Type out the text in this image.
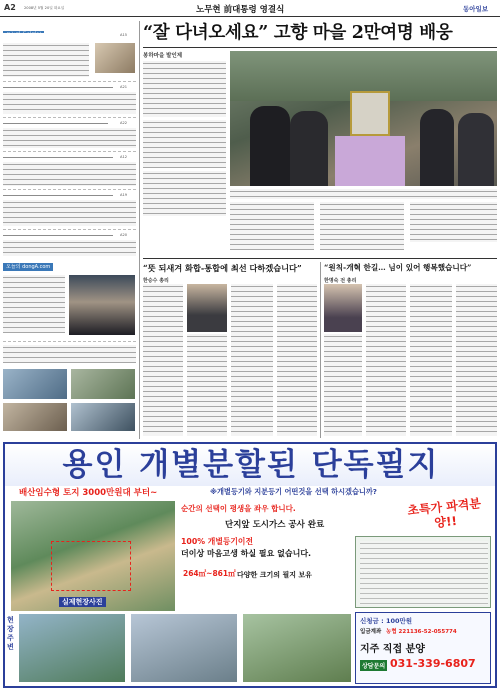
A2 2008년 5월 20일 화요일	노무현 前대통령 영결식	동아일보
A15
A21
A22
A12
A19
A20
오늘의 dongA.com
“잘 다녀오세요” 고향 마을 2만여명 배웅
봉하마을 발인제
“뜻 되새겨 화합-통합에 최선 다하겠습니다”
한승수 총리
“원칙-개혁 한길… 님이 있어 행복했습니다”
한명숙 전 총리
용인 개별분할된 단독필지
배산임수형 토지 3000만원대 부터~	※개별등기와 지분등기 어떤것을 선택 하시겠습니까?
실제현장사진
순간의 선택이 평생을 좌우 합니다.
단지앞 도시가스 공사 완료
100% 개별등기이전
더이상 마음고생 하실 필요 없습니다.
264㎡~861㎡ 다양한 크기의 필지 보유
초특가 파격분양!!
현장주변
신청금 : 100만원
입금계좌 농협 221136-52-055774
지주 직접 분양
상담문의 031-339-6807
